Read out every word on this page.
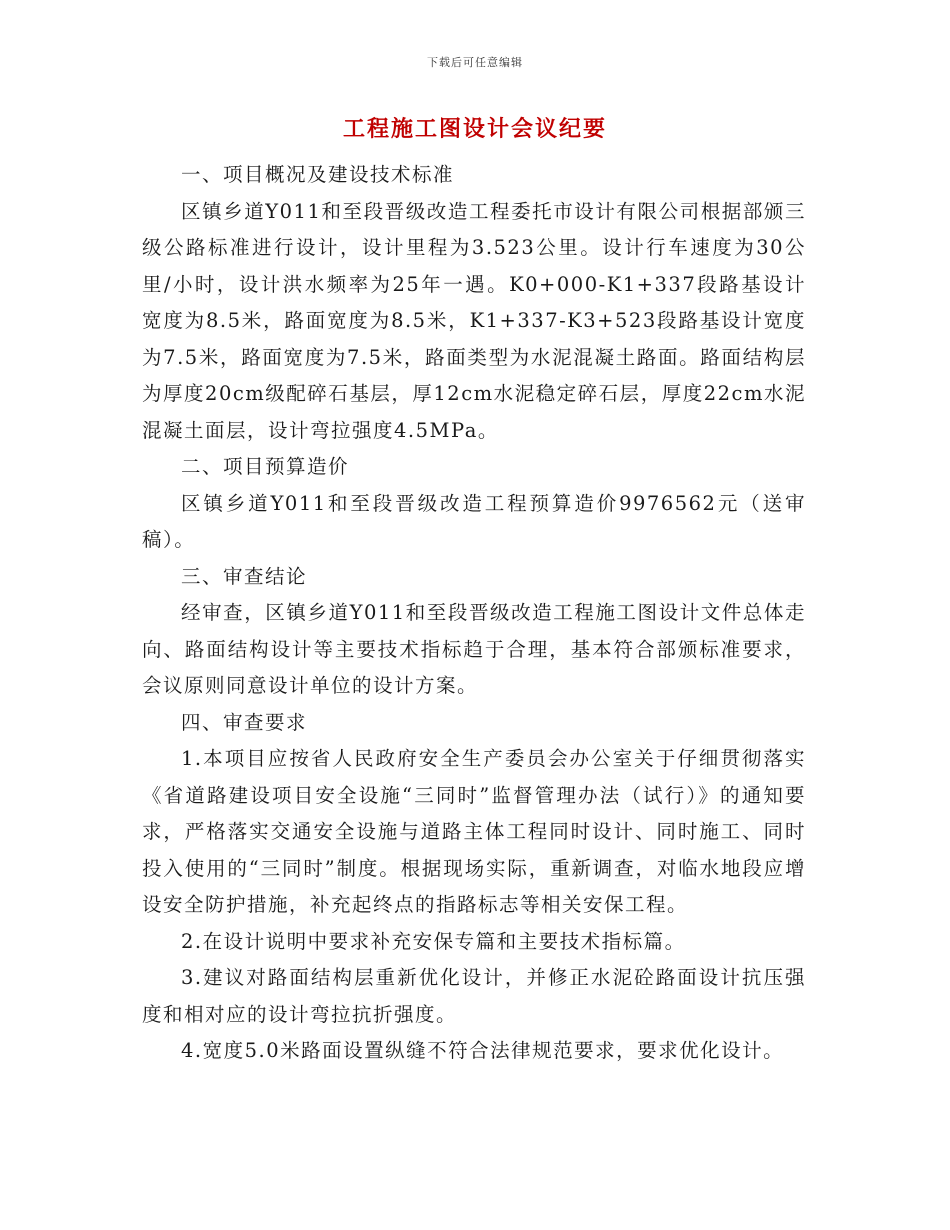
下载后可任意编辑
工程施工图设计会议纪要

一、项目概况及建设技术标准

区镇乡道Y011和至段晋级改造工程委托市设计有限公司根据部颁三级公路标准进行设计，设计里程为3.523公里。设计行车速度为30公里/小时，设计洪水频率为25年一遇。K0+000-K1+337段路基设计宽度为8.5米，路面宽度为8.5米，K1+337-K3+523段路基设计宽度为7.5米，路面宽度为7.5米，路面类型为水泥混凝土路面。路面结构层为厚度20cm级配碎石基层，厚12cm水泥稳定碎石层，厚度22cm水泥混凝土面层，设计弯拉强度4.5MPa。

二、项目预算造价

区镇乡道Y011和至段晋级改造工程预算造价9976562元（送审稿）。

三、审查结论

经审查，区镇乡道Y011和至段晋级改造工程施工图设计文件总体走向、路面结构设计等主要技术指标趋于合理，基本符合部颁标准要求，会议原则同意设计单位的设计方案。

四、审查要求

1.本项目应按省人民政府安全生产委员会办公室关于仔细贯彻落实《省道路建设项目安全设施“三同时”监督管理办法（试行）》的通知要求，严格落实交通安全设施与道路主体工程同时设计、同时施工、同时投入使用的“三同时”制度。根据现场实际，重新调查，对临水地段应增设安全防护措施，补充起终点的指路标志等相关安保工程。

2.在设计说明中要求补充安保专篇和主要技术指标篇。

3.建议对路面结构层重新优化设计，并修正水泥砼路面设计抗压强度和相对应的设计弯拉抗折强度。

4.宽度5.0米路面设置纵缝不符合法律规范要求，要求优化设计。
